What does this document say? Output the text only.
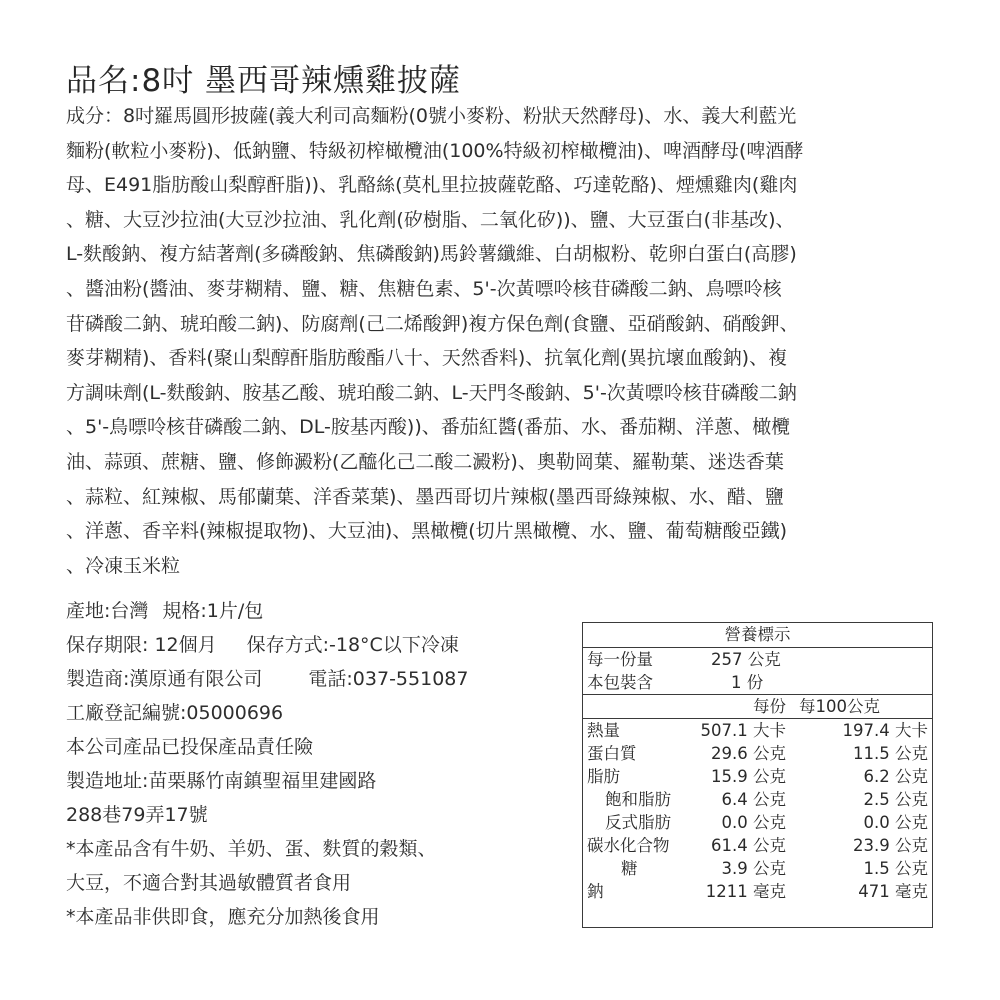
品名:8吋 墨西哥辣燻雞披薩
成分：8吋羅馬圓形披薩(義大利司高麵粉(0號小麥粉、粉狀天然酵母)、水、義大利藍光
麵粉(軟粒小麥粉)、低鈉鹽、特級初榨橄欖油(100%特級初榨橄欖油)、啤酒酵母(啤酒酵
母、E491脂肪酸山梨醇酐脂))、乳酪絲(莫札里拉披薩乾酪、巧達乾酪)、煙燻雞肉(雞肉
、糖、大豆沙拉油(大豆沙拉油、乳化劑(矽樹脂、二氧化矽))、鹽、大豆蛋白(非基改)、
L-麩酸鈉、複方結著劑(多磷酸鈉、焦磷酸鈉)馬鈴薯纖維、白胡椒粉、乾卵白蛋白(高膠)
、醬油粉(醬油、麥芽糊精、鹽、糖、焦糖色素、5'-次黃嘌呤核苷磷酸二鈉、鳥嘌呤核
苷磷酸二鈉、琥珀酸二鈉)、防腐劑(己二烯酸鉀)複方保色劑(食鹽、亞硝酸鈉、硝酸鉀、
麥芽糊精)、香料(聚山梨醇酐脂肪酸酯八十、天然香料)、抗氧化劑(異抗壞血酸鈉)、複
方調味劑(L-麩酸鈉、胺基乙酸、琥珀酸二鈉、L-天門冬酸鈉、5'-次黃嘌呤核苷磷酸二鈉
、5'-鳥嘌呤核苷磷酸二鈉、DL-胺基丙酸))、番茄紅醬(番茄、水、番茄糊、洋蔥、橄欖
油、蒜頭、蔗糖、鹽、修飾澱粉(乙醯化己二酸二澱粉)、奧勒岡葉、羅勒葉、迷迭香葉
、蒜粒、紅辣椒、馬郁蘭葉、洋香菜葉)、墨西哥切片辣椒(墨西哥綠辣椒、水、醋、鹽
、洋蔥、香辛料(辣椒提取物)、大豆油)、黑橄欖(切片黑橄欖、水、鹽、葡萄糖酸亞鐵)
、冷凍玉米粒
產地:台灣 規格:1片/包
保存期限: 12個月 保存方式:-18°C以下冷凍
製造商:漢原通有限公司 電話:037-551087
工廠登記編號:05000696
本公司產品已投保產品責任險
製造地址:苗栗縣竹南鎮聖福里建國路
288巷79弄17號
*本產品含有牛奶、羊奶、蛋、麩質的穀類、
大豆，不適合對其過敏體質者食用
*本產品非供即食，應充分加熱後食用
營養標示
每一份量	257 公克
本包裝含	1 份
每份 每100公克
熱量	507.1 大卡	197.4 大卡
蛋白質	29.6 公克	11.5 公克
脂肪	15.9 公克	6.2 公克
飽和脂肪	6.4 公克	2.5 公克
反式脂肪	0.0 公克	0.0 公克
碳水化合物	61.4 公克	23.9 公克
糖	3.9 公克	1.5 公克
鈉	1211 毫克	471 毫克
